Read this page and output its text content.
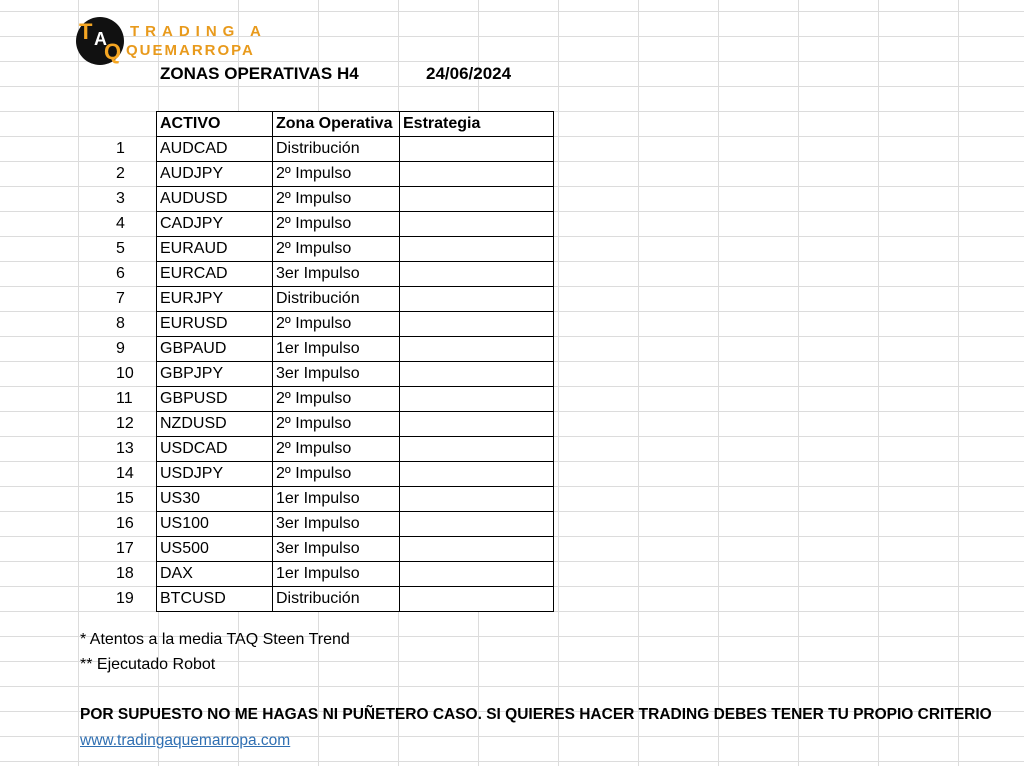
T A
Q
TRADING A
QUEMARROPA
ZONAS OPERATIVAS H4	24/06/2024
	ACTIVO	Zona Operativa	Estrategia
1	AUDCAD	Distribución	
2	AUDJPY	2º Impulso	
3	AUDUSD	2º Impulso	
4	CADJPY	2º Impulso	
5	EURAUD	2º Impulso	
6	EURCAD	3er Impulso	
7	EURJPY	Distribución	
8	EURUSD	2º Impulso	
9	GBPAUD	1er Impulso	
10	GBPJPY	3er Impulso	
11	GBPUSD	2º Impulso	
12	NZDUSD	2º Impulso	
13	USDCAD	2º Impulso	
14	USDJPY	2º Impulso	
15	US30	1er Impulso	
16	US100	3er Impulso	
17	US500	3er Impulso	
18	DAX	1er Impulso	
19	BTCUSD	Distribución	
* Atentos a la media TAQ Steen Trend
** Ejecutado Robot
POR SUPUESTO NO ME HAGAS NI PUÑETERO CASO. SI QUIERES HACER TRADING DEBES TENER TU PROPIO CRITERIO
www.tradingaquemarropa.com
